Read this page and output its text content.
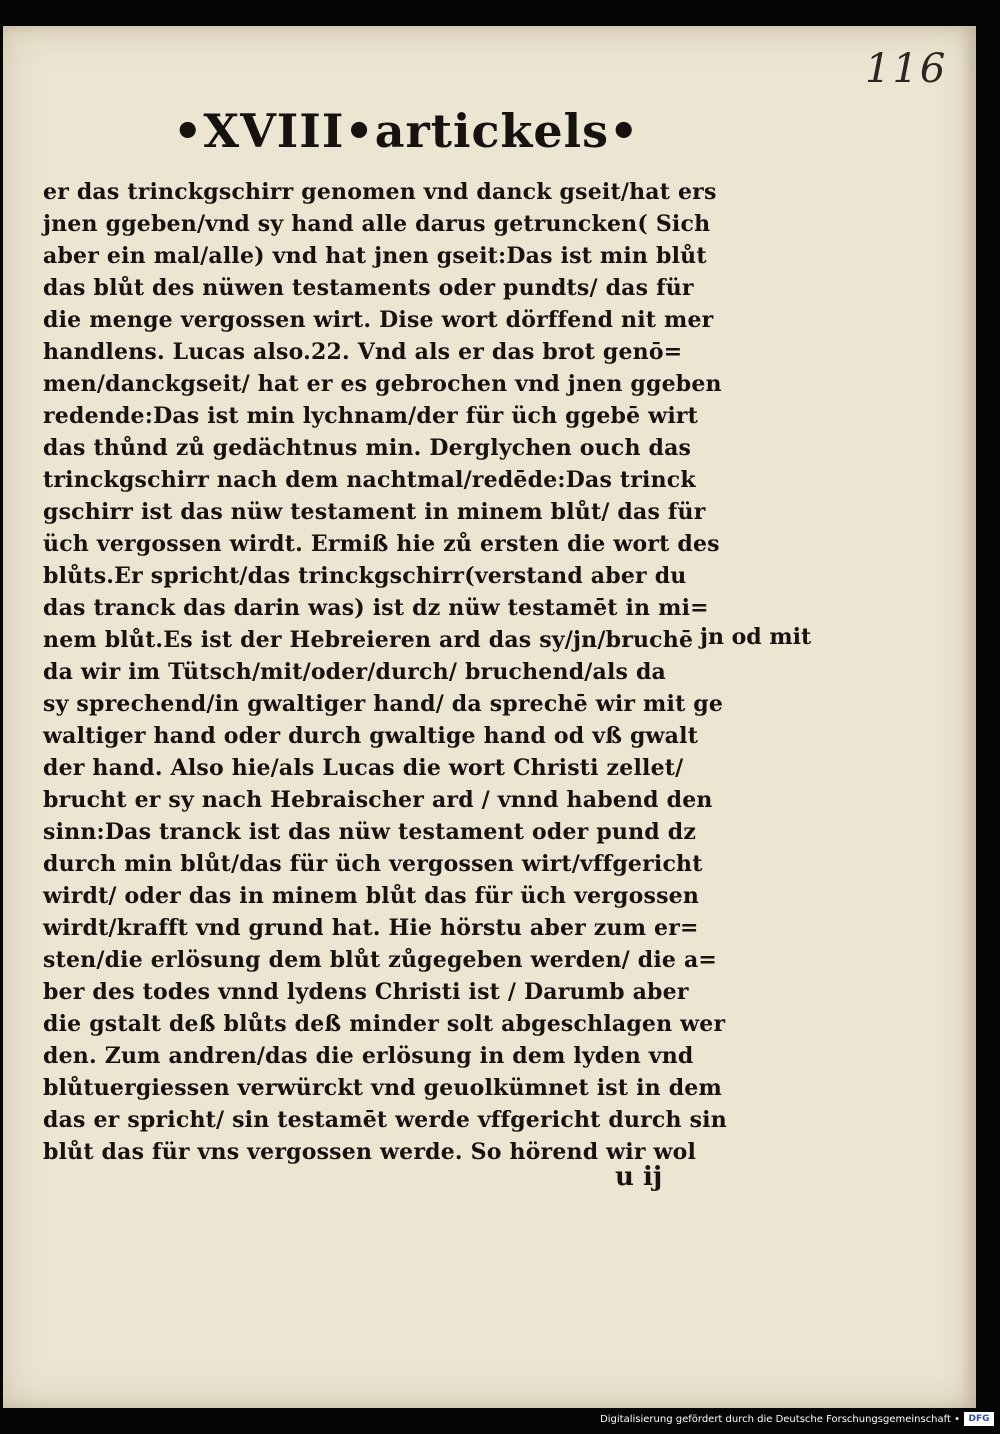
116
•XVIII•artickels•
er das trinckgschirr genomen vnd danck gseit/hat ers
jnen ggeben/vnd sy hand alle darus getruncken( Sich
aber ein mal/alle) vnd hat jnen gseit:Das ist min blůt
das blůt des nüwen testaments oder pundts/ das für
die menge vergossen wirt. Dise wort dörffend nit mer
handlens. Lucas also.22. Vnd als er das brot genō=
men/danckgseit/ hat er es gebrochen vnd jnen ggeben
redende:Das ist min lychnam/der für üch ggebē wirt
das thůnd zů gedächtnus min. Derglychen ouch das
trinckgschirr nach dem nachtmal/redēde:Das trinck
gschirr ist das nüw testament in minem blůt/ das für
üch vergossen wirdt. Ermiß hie zů ersten die wort des
blůts.Er spricht/das trinckgschirr(verstand aber du
das tranck das darin was) ist dz nüw testamēt in mi=
nem blůt.Es ist der Hebreieren ard das sy/jn/bruchē
da wir im Tütsch/mit/oder/durch/ bruchend/als da
sy sprechend/in gwaltiger hand/ da sprechē wir mit ge
waltiger hand oder durch gwaltige hand od vß gwalt
der hand. Also hie/als Lucas die wort Christi zellet/
brucht er sy nach Hebraischer ard / vnnd habend den
sinn:Das tranck ist das nüw testament oder pund dz
durch min blůt/das für üch vergossen wirt/vffgericht
wirdt/ oder das in minem blůt das für üch vergossen
wirdt/krafft vnd grund hat. Hie hörstu aber zum er=
sten/die erlösung dem blůt zůgegeben werden/ die a=
ber des todes vnnd lydens Christi ist / Darumb aber
die gstalt deß blůts deß minder solt abgeschlagen wer
den. Zum andren/das die erlösung in dem lyden vnd
blůtuergiessen verwürckt vnd geuolkümnet ist in dem
das er spricht/ sin testamēt werde vffgericht durch sin
blůt das für vns vergossen werde. So hörend wir wol
jn od mit
u ij
Digitalisierung gefördert durch die Deutsche Forschungsgemeinschaft • DFG
